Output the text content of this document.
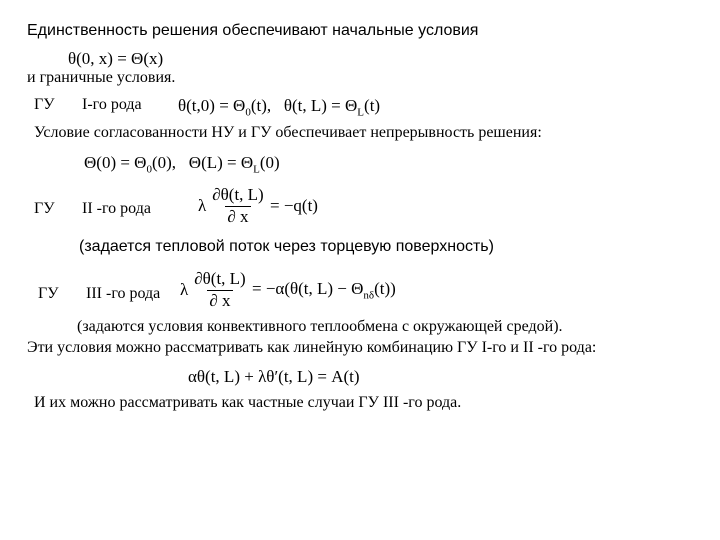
Единственность решения обеспечивают начальные условия
θ(0, x) = Θ(x)
и граничные условия.
ГУ I-го рода $\theta(t,0) = \Theta_0(t)$, θ(t, $L) = \Theta_L(t)$
Условие согласованности НУ и ГУ обеспечивает непрерывность решения:
$\Theta(0) = \Theta_0(0)$, $\Theta(L) = \Theta_L(0)$
ГУ II -го рода	λ $\frac{\partial\theta(t, L)}{\partial x} = -q(t)$
(задается тепловой поток через торцевую поверхность)
ГУ III -го рода λ $\frac{\partial\theta(t, L)}{\partial x} = -\alpha(\theta(t$, $L) - \Theta_{n\delta}(t)$)
(задаются условия конвективного теплообмена с окружающей средой).
Эти условия можно рассматривать как линейную комбинацию ГУ I-го и II -го рода:
αθ(t, L) + λθ′(t, L) = A(t)
И их можно рассматривать как частные случаи ГУ III -го рода.
